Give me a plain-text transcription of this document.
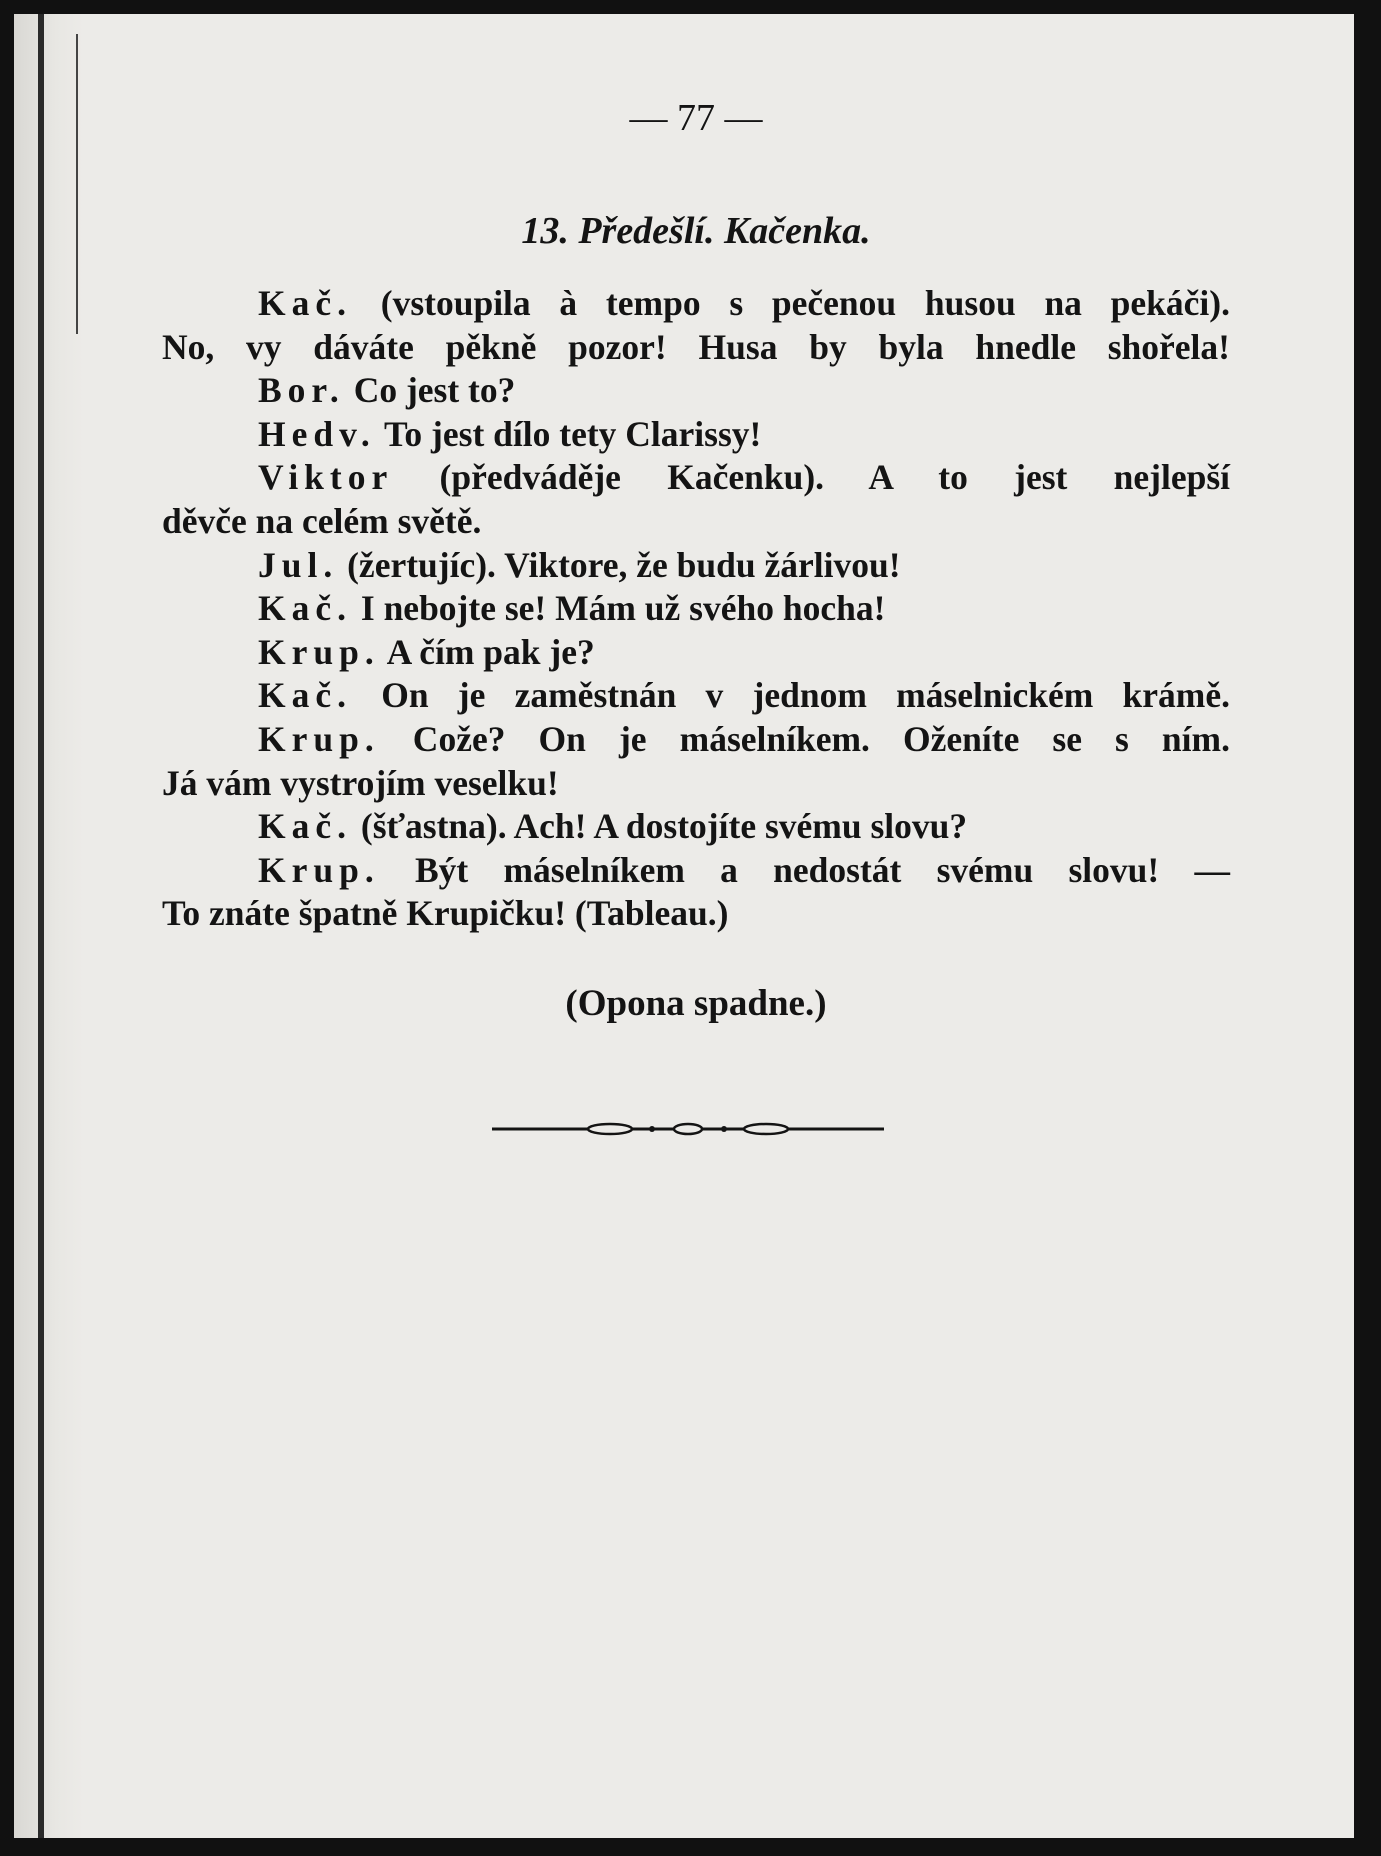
— 77 —
13. Předešlí. Kačenka.
Kač. (vstoupila à tempo s pečenou husou na pekáči).
No, vy dáváte pěkně pozor! Husa by byla hnedle shořela!
Bor. Co jest to?
Hedv. To jest dílo tety Clarissy!
Viktor (předváděje Kačenku). A to jest nejlepší
děvče na celém světě.
Jul. (žertujíc). Viktore, že budu žárlivou!
Kač. I nebojte se! Mám už svého hocha!
Krup. A čím pak je?
Kač. On je zaměstnán v jednom máselnickém krámě.
Krup. Cože? On je máselníkem. Oženíte se s ním.
Já vám vystrojím veselku!
Kač. (šťastna). Ach! A dostojíte svému slovu?
Krup. Být máselníkem a nedostát svému slovu! —
To znáte špatně Krupičku! (Tableau.)
(Opona spadne.)
